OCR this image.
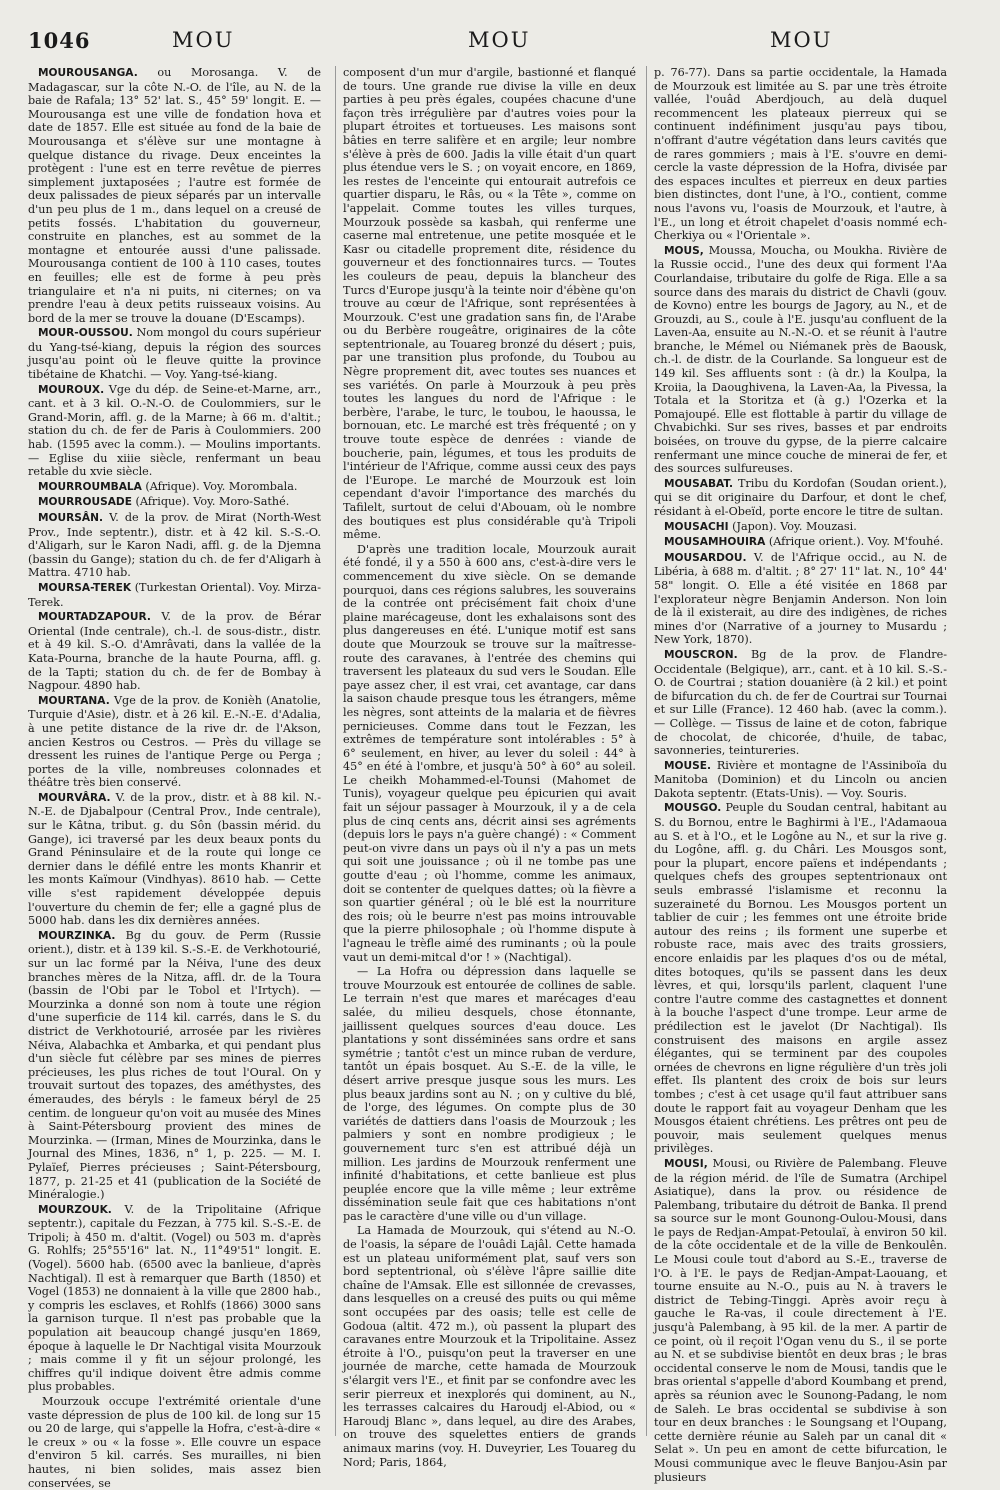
1046	MOU	MOU	MOU

MOUROUSANGA. ou Morosanga. V. de Madagascar, sur la côte N.-O. de l'île, au N. de la baie de Rafala; 13° 52' lat. S., 45° 59' longit. E. — Mourousanga est une ville de fondation hova et date de 1857. Elle est située au fond de la baie de Mourousanga et s'élève sur une montagne à quelque distance du rivage. Deux enceintes la protègent : l'une est en terre revêtue de pierres simplement juxtaposées ; l'autre est formée de deux palissades de pieux séparés par un intervalle d'un peu plus de 1 m., dans lequel on a creusé de petits fossés. L'habitation du gouverneur, construite en planches, est au sommet de la montagne et entourée aussi d'une palissade. Mourousanga contient de 100 à 110 cases, toutes en feuilles; elle est de forme à peu près triangulaire et n'a ni puits, ni citernes; on va prendre l'eau à deux petits ruisseaux voisins. Au bord de la mer se trouve la douane (D'Escamps).

MOUR-OUSSOU. Nom mongol du cours supérieur du Yang-tsé-kiang, depuis la région des sources jusqu'au point où le fleuve quitte la province tibétaine de Khatchi. — Voy. Yang-tsé-kiang.

MOUROUX. Vge du dép. de Seine-et-Marne, arr., cant. et à 3 kil. O.-N.-O. de Coulommiers, sur le Grand-Morin, affl. g. de la Marne; à 66 m. d'altit.; station du ch. de fer de Paris à Coulommiers. 200 hab. (1595 avec la comm.). — Moulins importants. — Eglise du xiiie siècle, renfermant un beau retable du xvie siècle.

MOURROUMBALA (Afrique). Voy. Morombala.

MOURROUSADE (Afrique). Voy. Moro-Sathé.

MOURSÂN. V. de la prov. de Mirat (North-West Prov., Inde septentr.), distr. et à 42 kil. S.-S.-O. d'Aligarh, sur le Karon Nadi, affl. g. de la Djemna (bassin du Gange); station du ch. de fer d'Aligarh à Mattra. 4710 hab.

MOURSA-TEREK (Turkestan Oriental). Voy. Mirza-Terek.

MOURTADZAPOUR. V. de la prov. de Bérar Oriental (Inde centrale), ch.-l. de sous-distr., distr. et à 49 kil. S.-O. d'Amrâvati, dans la vallée de la Kata-Pourna, branche de la haute Pourna, affl. g. de la Tapti; station du ch. de fer de Bombay à Nagpour. 4890 hab.

MOURTANA. Vge de la prov. de Konièh (Anatolie, Turquie d'Asie), distr. et à 26 kil. E.-N.-E. d'Adalia, à une petite distance de la rive dr. de l'Akson, ancien Kestros ou Cestros. — Près du village se dressent les ruines de l'antique Perge ou Perga ; portes de la ville, nombreuses colonnades et théâtre très bien conservé.

MOURVÂRA. V. de la prov., distr. et à 88 kil. N.-N.-E. de Djabalpour (Central Prov., Inde centrale), sur le Kâtna, tribut. g. du Sôn (bassin mérid. du Gange), ici traversé par les deux beaux ponts du Grand Péninsulaire et de la route qui longe ce dernier dans le défilé entre les monts Khanrir et les monts Kaïmour (Vindhyas). 8610 hab. — Cette ville s'est rapidement développée depuis l'ouverture du chemin de fer; elle a gagné plus de 5000 hab. dans les dix dernières années.

MOURZINKA. Bg du gouv. de Perm (Russie orient.), distr. et à 139 kil. S.-S.-E. de Verkhotourié, sur un lac formé par la Néiva, l'une des deux branches mères de la Nitza, affl. dr. de la Toura (bassin de l'Obi par le Tobol et l'Irtych). — Mourzinka a donné son nom à toute une région d'une superficie de 114 kil. carrés, dans le S. du district de Verkhotourié, arrosée par les rivières Néiva, Alabachka et Ambarka, et qui pendant plus d'un siècle fut célèbre par ses mines de pierres précieuses, les plus riches de tout l'Oural. On y trouvait surtout des topazes, des améthystes, des émeraudes, des béryls : le fameux béryl de 25 centim. de longueur qu'on voit au musée des Mines à Saint-Pétersbourg provient des mines de Mourzinka. — (Irman, Mines de Mourzinka, dans le Journal des Mines, 1836, n° 1, p. 225. — M. I. Pylaïef, Pierres précieuses ; Saint-Pétersbourg, 1877, p. 21-25 et 41 (publication de la Société de Minéralogie.)

MOURZOUK. V. de la Tripolitaine (Afrique septentr.), capitale du Fezzan, à 775 kil. S.-S.-E. de Tripoli; à 450 m. d'altit. (Vogel) ou 503 m. d'après G. Rohlfs; 25°55'16" lat. N., 11°49'51" longit. E. (Vogel). 5600 hab. (6500 avec la banlieue, d'après Nachtigal). Il est à remarquer que Barth (1850) et Vogel (1853) ne donnaient à la ville que 2800 hab., y compris les esclaves, et Rohlfs (1866) 3000 sans la garnison turque. Il n'est pas probable que la population ait beaucoup changé jusqu'en 1869, époque à laquelle le Dr Nachtigal visita Mourzouk ; mais comme il y fit un séjour prolongé, les chiffres qu'il indique doivent être admis comme plus probables.

Mourzouk occupe l'extrémité orientale d'une vaste dépression de plus de 100 kil. de long sur 15 ou 20 de large, qui s'appelle la Hofra, c'est-à-dire « le creux » ou « la fosse ». Elle couvre un espace d'environ 5 kil. carrés. Ses murailles, ni bien hautes, ni bien solides, mais assez bien conservées, se

composent d'un mur d'argile, bastionné et flanqué de tours. Une grande rue divise la ville en deux parties à peu près égales, coupées chacune d'une façon très irrégulière par d'autres voies pour la plupart étroites et tortueuses. Les maisons sont bâties en terre salifère et en argile; leur nombre s'élève à près de 600. Jadis la ville était d'un quart plus étendue vers le S. ; on voyait encore, en 1869, les restes de l'enceinte qui entourait autrefois ce quartier disparu, le Râs, ou « la Tête », comme on l'appelait. Comme toutes les villes turques, Mourzouk possède sa kasbah, qui renferme une caserne mal entretenue, une petite mosquée et le Kasr ou citadelle proprement dite, résidence du gouverneur et des fonctionnaires turcs. — Toutes les couleurs de peau, depuis la blancheur des Turcs d'Europe jusqu'à la teinte noir d'ébène qu'on trouve au cœur de l'Afrique, sont représentées à Mourzouk. C'est une gradation sans fin, de l'Arabe ou du Berbère rougeâtre, originaires de la côte septentrionale, au Touareg bronzé du désert ; puis, par une transition plus profonde, du Toubou au Nègre proprement dit, avec toutes ses nuances et ses variétés. On parle à Mourzouk à peu près toutes les langues du nord de l'Afrique : le berbère, l'arabe, le turc, le toubou, le haoussa, le bornouan, etc. Le marché est très fréquenté ; on y trouve toute espèce de denrées : viande de boucherie, pain, légumes, et tous les produits de l'intérieur de l'Afrique, comme aussi ceux des pays de l'Europe. Le marché de Mourzouk est loin cependant d'avoir l'importance des marchés du Tafilelt, surtout de celui d'Abouam, où le nombre des boutiques est plus considérable qu'à Tripoli même.

D'après une tradition locale, Mourzouk aurait été fondé, il y a 550 à 600 ans, c'est-à-dire vers le commencement du xive siècle. On se demande pourquoi, dans ces régions salubres, les souverains de la contrée ont précisément fait choix d'une plaine marécageuse, dont les exhalaisons sont des plus dangereuses en été. L'unique motif est sans doute que Mourzouk se trouve sur la maîtresse-route des caravanes, à l'entrée des chemins qui traversent les plateaux du sud vers le Soudan. Elle paye assez cher, il est vrai, cet avantage, car dans la saison chaude presque tous les étrangers, même les nègres, sont atteints de la malaria et de fièvres pernicieuses. Comme dans tout le Fezzan, les extrêmes de température sont intolérables : 5° à 6° seulement, en hiver, au lever du soleil : 44° à 45° en été à l'ombre, et jusqu'à 50° à 60° au soleil. Le cheikh Mohammed-el-Tounsi (Mahomet de Tunis), voyageur quelque peu épicurien qui avait fait un séjour passager à Mourzouk, il y a de cela plus de cinq cents ans, décrit ainsi ses agréments (depuis lors le pays n'a guère changé) : « Comment peut-on vivre dans un pays où il n'y a pas un mets qui soit une jouissance ; où il ne tombe pas une goutte d'eau ; où l'homme, comme les animaux, doit se contenter de quelques dattes; où la fièvre a son quartier général ; où le blé est la nourriture des rois; où le beurre n'est pas moins introuvable que la pierre philosophale ; où l'homme dispute à l'agneau le trèfle aimé des ruminants ; où la poule vaut un demi-mitcal d'or ! » (Nachtigal).

— La Hofra ou dépression dans laquelle se trouve Mourzouk est entourée de collines de sable. Le terrain n'est que mares et marécages d'eau salée, du milieu desquels, chose étonnante, jaillissent quelques sources d'eau douce. Les plantations y sont disséminées sans ordre et sans symétrie ; tantôt c'est un mince ruban de verdure, tantôt un épais bosquet. Au S.-E. de la ville, le désert arrive presque jusque sous les murs. Les plus beaux jardins sont au N. ; on y cultive du blé, de l'orge, des légumes. On compte plus de 30 variétés de dattiers dans l'oasis de Mourzouk ; les palmiers y sont en nombre prodigieux ; le gouvernement turc s'en est attribué déjà un million. Les jardins de Mourzouk renferment une infinité d'habitations, et cette banlieue est plus peuplée encore que la ville même ; leur extrême dissémination seule fait que ces habitations n'ont pas le caractère d'une ville ou d'un village.

La Hamada de Mourzouk, qui s'étend au N.-O. de l'oasis, la sépare de l'ouâdi Lajâl. Cette hamada est un plateau uniformément plat, sauf vers son bord septentrional, où s'élève l'âpre saillie dite chaîne de l'Amsak. Elle est sillonnée de crevasses, dans lesquelles on a creusé des puits ou qui même sont occupées par des oasis; telle est celle de Godoua (altit. 472 m.), où passent la plupart des caravanes entre Mourzouk et la Tripolitaine. Assez étroite à l'O., puisqu'on peut la traverser en une journée de marche, cette hamada de Mourzouk s'élargit vers l'E., et finit par se confondre avec les serir pierreux et inexplorés qui dominent, au N., les terrasses calcaires du Haroudj el-Abiod, ou « Haroudj Blanc », dans lequel, au dire des Arabes, on trouve des squelettes entiers de grands animaux marins (voy. H. Duveyrier, Les Touareg du Nord; Paris, 1864,

p. 76-77). Dans sa partie occidentale, la Hamada de Mourzouk est limitée au S. par une très étroite vallée, l'ouâd Aberdjouch, au delà duquel recommencent les plateaux pierreux qui se continuent indéfiniment jusqu'au pays tibou, n'offrant d'autre végétation dans leurs cavités que de rares gommiers ; mais à l'E. s'ouvre en demi-cercle la vaste dépression de la Hofra, divisée par des espaces incultes et pierreux en deux parties bien distinctes, dont l'une, à l'O., contient, comme nous l'avons vu, l'oasis de Mourzouk, et l'autre, à l'E., un long et étroit chapelet d'oasis nommé ech-Cherkiya ou « l'Orientale ».

MOUS, Moussa, Moucha, ou Moukha. Rivière de la Russie occid., l'une des deux qui forment l'Aa Courlandaise, tributaire du golfe de Riga. Elle a sa source dans des marais du district de Chavli (gouv. de Kovno) entre les bourgs de Jagory, au N., et de Grouzdi, au S., coule à l'E. jusqu'au confluent de la Laven-Aa, ensuite au N.-N.-O. et se réunit à l'autre branche, le Mémel ou Niémanek près de Baousk, ch.-l. de distr. de la Courlande. Sa longueur est de 149 kil. Ses affluents sont : (à dr.) la Koulpa, la Kroiia, la Daoughivena, la Laven-Aa, la Pivessa, la Totala et la Storitza et (à g.) l'Ozerka et la Pomajoupé. Elle est flottable à partir du village de Chvabichki. Sur ses rives, basses et par endroits boisées, on trouve du gypse, de la pierre calcaire renfermant une mince couche de minerai de fer, et des sources sulfureuses.

MOUSABAT. Tribu du Kordofan (Soudan orient.), qui se dit originaire du Darfour, et dont le chef, résidant à el-Obeïd, porte encore le titre de sultan.

MOUSACHI (Japon). Voy. Mouzasi.

MOUSAMHOUIRA (Afrique orient.). Voy. M'fouhé.

MOUSARDOU. V. de l'Afrique occid., au N. de Libéria, à 688 m. d'altit. ; 8° 27' 11" lat. N., 10° 44' 58" longit. O. Elle a été visitée en 1868 par l'explorateur nègre Benjamin Anderson. Non loin de là il existerait, au dire des indigènes, de riches mines d'or (Narrative of a journey to Musardu ; New York, 1870).

MOUSCRON. Bg de la prov. de Flandre-Occidentale (Belgique), arr., cant. et à 10 kil. S.-S.-O. de Courtrai ; station douanière (à 2 kil.) et point de bifurcation du ch. de fer de Courtrai sur Tournai et sur Lille (France). 12 460 hab. (avec la comm.). — Collège. — Tissus de laine et de coton, fabrique de chocolat, de chicorée, d'huile, de tabac, savonneries, teintureries.

MOUSE. Rivière et montagne de l'Assiniboïa du Manitoba (Dominion) et du Lincoln ou ancien Dakota septentr. (Etats-Unis). — Voy. Souris.

MOUSGO. Peuple du Soudan central, habitant au S. du Bornou, entre le Baghirmi à l'E., l'Adamaoua au S. et à l'O., et le Logône au N., et sur la rive g. du Logône, affl. g. du Châri. Les Mousgos sont, pour la plupart, encore païens et indépendants ; quelques chefs des groupes septentrionaux ont seuls embrassé l'islamisme et reconnu la suzeraineté du Bornou. Les Mousgos portent un tablier de cuir ; les femmes ont une étroite bride autour des reins ; ils forment une superbe et robuste race, mais avec des traits grossiers, encore enlaidis par les plaques d'os ou de métal, dites botoques, qu'ils se passent dans les deux lèvres, et qui, lorsqu'ils parlent, claquent l'une contre l'autre comme des castagnettes et donnent à la bouche l'aspect d'une trompe. Leur arme de prédilection est le javelot (Dr Nachtigal). Ils construisent des maisons en argile assez élégantes, qui se terminent par des coupoles ornées de chevrons en ligne régulière d'un très joli effet. Ils plantent des croix de bois sur leurs tombes ; c'est à cet usage qu'il faut attribuer sans doute le rapport fait au voyageur Denham que les Mousgos étaient chrétiens. Les prêtres ont peu de pouvoir, mais seulement quelques menus privilèges.

MOUSI, Mousi, ou Rivière de Palembang. Fleuve de la région mérid. de l'île de Sumatra (Archipel Asiatique), dans la prov. ou résidence de Palembang, tributaire du détroit de Banka. Il prend sa source sur le mont Gounong-Oulou-Mousi, dans le pays de Redjan-Ampat-Petoulaï, à environ 50 kil. de la côte occidentale et de la ville de Benkoulên. Le Mousi coule tout d'abord au S.-E., traverse de l'O. à l'E. le pays de Redjan-Ampat-Laouang, et tourne ensuite au N.-O., puis au N. à travers le district de Tebing-Tinggi. Après avoir reçu à gauche le Ra-vas, il coule directement à l'E. jusqu'à Palembang, à 95 kil. de la mer. A partir de ce point, où il reçoit l'Ogan venu du S., il se porte au N. et se subdivise bientôt en deux bras ; le bras occidental conserve le nom de Mousi, tandis que le bras oriental s'appelle d'abord Koumbang et prend, après sa réunion avec le Sounong-Padang, le nom de Saleh. Le bras occidental se subdivise à son tour en deux branches : le Soungsang et l'Oupang, cette dernière réunie au Saleh par un canal dit « Selat ». Un peu en amont de cette bifurcation, le Mousi communique avec le fleuve Banjou-Asin par plusieurs
